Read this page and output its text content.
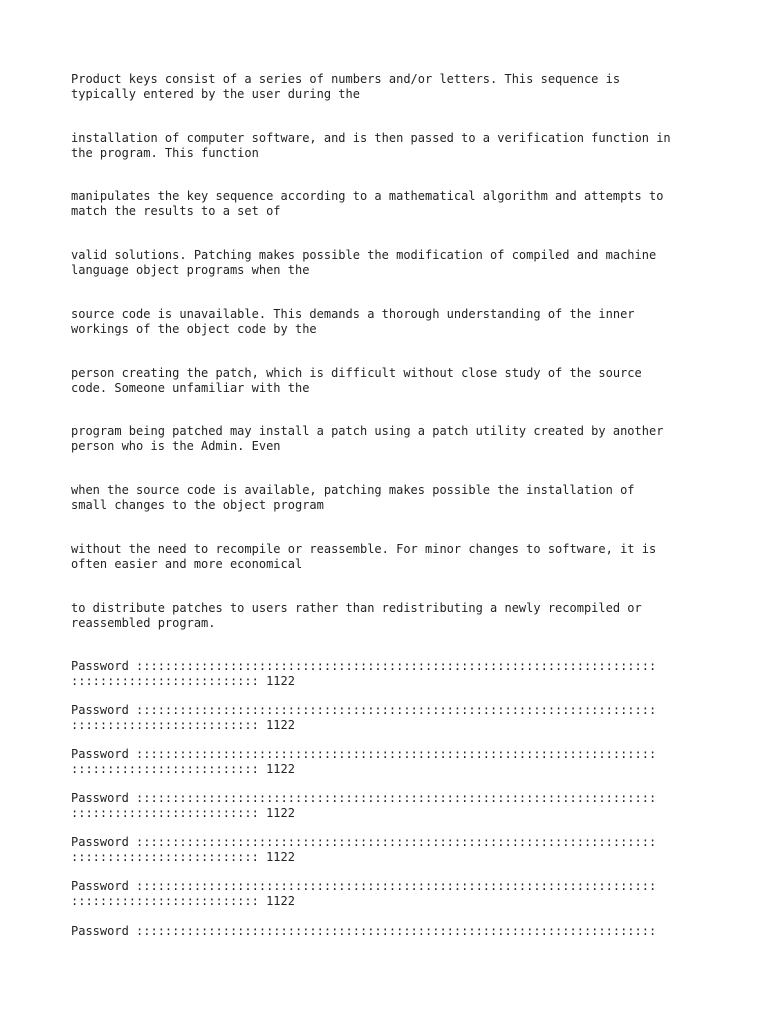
Product keys consist of a series of numbers and/or letters. This sequence is
typically entered by the user during the

installation of computer software, and is then passed to a verification function in
the program. This function

manipulates the key sequence according to a mathematical algorithm and attempts to
match the results to a set of

valid solutions. Patching makes possible the modification of compiled and machine
language object programs when the

source code is unavailable. This demands a thorough understanding of the inner
workings of the object code by the

person creating the patch, which is difficult without close study of the source
code. Someone unfamiliar with the

program being patched may install a patch using a patch utility created by another
person who is the Admin. Even

when the source code is available, patching makes possible the installation of
small changes to the object program

without the need to recompile or reassemble. For minor changes to software, it is
often easier and more economical

to distribute patches to users rather than redistributing a newly recompiled or
reassembled program.

Password ::::::::::::::::::::::::::::::::::::::::::::::::::::::::::::::::::::::::
:::::::::::::::::::::::::: 1122

Password ::::::::::::::::::::::::::::::::::::::::::::::::::::::::::::::::::::::::
:::::::::::::::::::::::::: 1122

Password ::::::::::::::::::::::::::::::::::::::::::::::::::::::::::::::::::::::::
:::::::::::::::::::::::::: 1122

Password ::::::::::::::::::::::::::::::::::::::::::::::::::::::::::::::::::::::::
:::::::::::::::::::::::::: 1122

Password ::::::::::::::::::::::::::::::::::::::::::::::::::::::::::::::::::::::::
:::::::::::::::::::::::::: 1122

Password ::::::::::::::::::::::::::::::::::::::::::::::::::::::::::::::::::::::::
:::::::::::::::::::::::::: 1122

Password ::::::::::::::::::::::::::::::::::::::::::::::::::::::::::::::::::::::::
